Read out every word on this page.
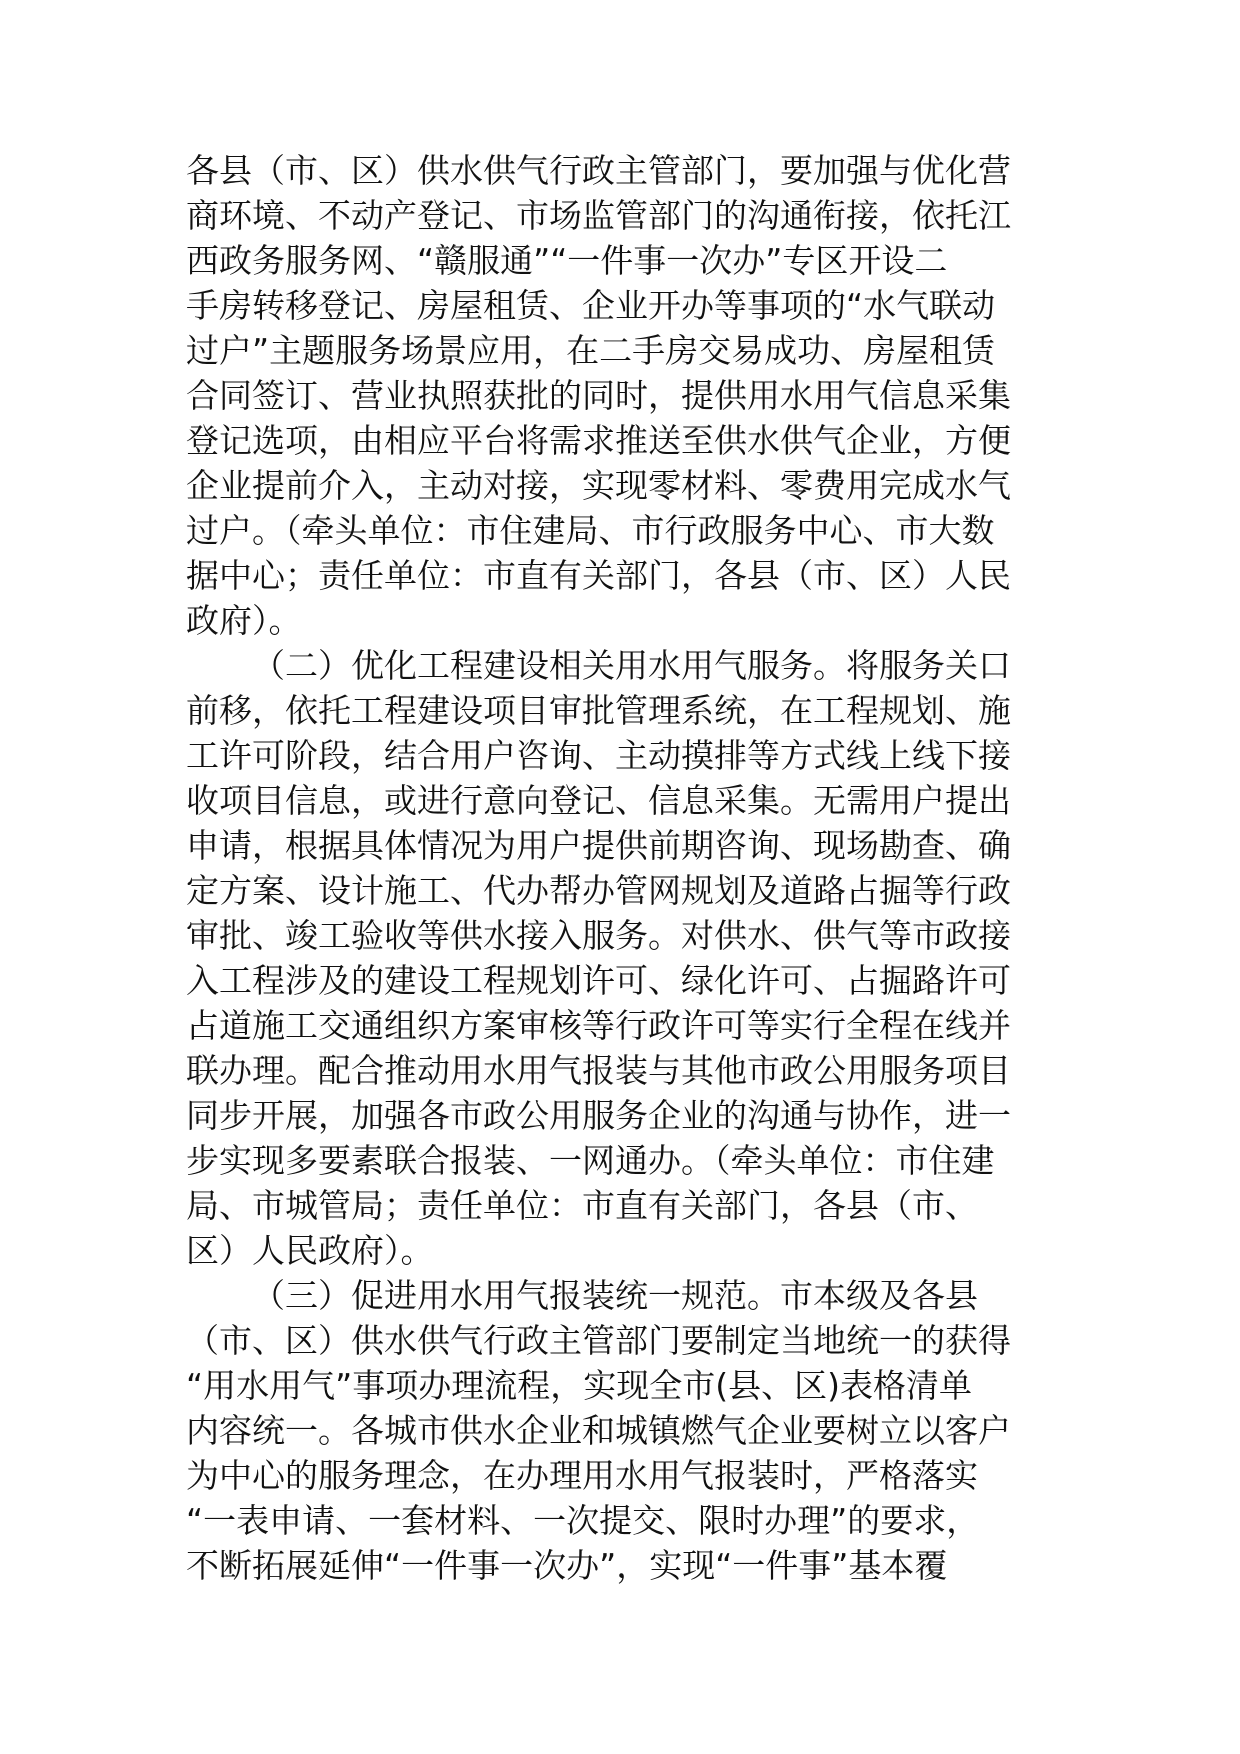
各县（市、区）供水供气行政主管部门，要加强与优化营
商环境、不动产登记、市场监管部门的沟通衔接，依托江
西政务服务网、“赣服通”“一件事一次办”专区开设二
手房转移登记、房屋租赁、企业开办等事项的“水气联动
过户”主题服务场景应用，在二手房交易成功、房屋租赁
合同签订、营业执照获批的同时，提供用水用气信息采集
登记选项，由相应平台将需求推送至供水供气企业，方便
企业提前介入，主动对接，实现零材料、零费用完成水气
过户。（牵头单位：市住建局、市行政服务中心、市大数
据中心；责任单位：市直有关部门，各县（市、区）人民
政府）。
（二）优化工程建设相关用水用气服务。将服务关口
前移，依托工程建设项目审批管理系统，在工程规划、施
工许可阶段，结合用户咨询、主动摸排等方式线上线下接
收项目信息，或进行意向登记、信息采集。无需用户提出
申请，根据具体情况为用户提供前期咨询、现场勘查、确
定方案、设计施工、代办帮办管网规划及道路占掘等行政
审批、竣工验收等供水接入服务。对供水、供气等市政接
入工程涉及的建设工程规划许可、绿化许可、占掘路许可
占道施工交通组织方案审核等行政许可等实行全程在线并
联办理。配合推动用水用气报装与其他市政公用服务项目
同步开展，加强各市政公用服务企业的沟通与协作，进一
步实现多要素联合报装、一网通办。（牵头单位：市住建
局、市城管局；责任单位：市直有关部门，各县（市、
区）人民政府）。
（三）促进用水用气报装统一规范。市本级及各县
（市、区）供水供气行政主管部门要制定当地统一的获得
“用水用气”事项办理流程，实现全市(县、区)表格清单
内容统一。各城市供水企业和城镇燃气企业要树立以客户
为中心的服务理念，在办理用水用气报装时，严格落实
“一表申请、一套材料、一次提交、限时办理”的要求，
不断拓展延伸“一件事一次办”，实现“一件事”基本覆
